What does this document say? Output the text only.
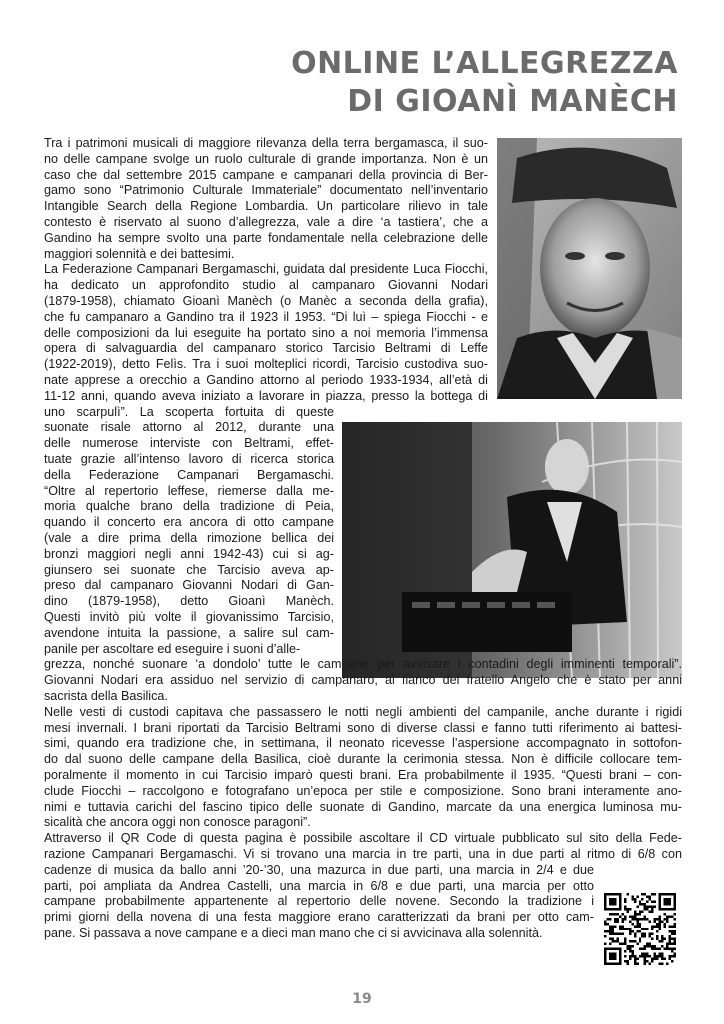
ONLINE L’ALLEGREZZA
DI GIOANÌ MANÈCH
Tra i patrimoni musicali di maggiore rilevanza della terra bergamasca, il suo-
no delle campane svolge un ruolo culturale di grande importanza. Non è un
caso che dal settembre 2015 campane e campanari della provincia di Ber-
gamo sono “Patrimonio Culturale Immateriale” documentato nell’inventario
Intangible Search della Regione Lombardia. Un particolare rilievo in tale
contesto è riservato al suono d’allegrezza, vale a dire ‘a tastiera’, che a
Gandino ha sempre svolto una parte fondamentale nella celebrazione delle
maggiori solennità e dei battesimi.
La Federazione Campanari Bergamaschi, guidata dal presidente Luca Fiocchi,
ha dedicato un approfondito studio al campanaro Giovanni Nodari
(1879-1958), chiamato Gioanì Manèch (o Manèc a seconda della grafia),
che fu campanaro a Gandino tra il 1923 il 1953. “Di luì – spiega Fiocchi - e
delle composizioni da lui eseguite ha portato sino a noi memoria l’immensa
opera di salvaguardia del campanaro storico Tarcisio Beltrami di Leffe
(1922-2019), detto Felìs. Tra i suoi molteplici ricordi, Tarcisio custodiva suo-
nate apprese a orecchio a Gandino attorno al periodo 1933-1934, all’età di
11-12 anni, quando aveva iniziato a lavorare in piazza, presso la bottega di
uno scarpulì”. La scoperta fortuita di queste
suonate risale attorno al 2012, durante una
delle numerose interviste con Beltrami, effet-
tuate grazie all’intenso lavoro di ricerca storica
della Federazione Campanari Bergamaschi.
“Oltre al repertorio leffese, riemerse dalla me-
moria qualche brano della tradizione di Peia,
quando il concerto era ancora di otto campane
(vale a dire prima della rimozione bellica dei
bronzi maggiori negli anni 1942-43) cui si ag-
giunsero sei suonate che Tarcisio aveva ap-
preso dal campanaro Giovanni Nodari di Gan-
dino (1879-1958), detto Gioanì Manèch.
Questi invitò più volte il giovanissimo Tarcisio,
avendone intuita la passione, a salire sul cam-
panile per ascoltare ed eseguire i suoni d’alle-
grezza, nonché suonare ‘a dondolo’ tutte le campane per avvisare i contadini degli imminenti temporali”.
Giovanni Nodari era assiduo nel servizio di campanaro, al fianco del fratello Angelo che è stato per anni
sacrista della Basilica.
Nelle vesti di custodi capitava che passassero le notti negli ambienti del campanile, anche durante i rigidi
mesi invernali. I brani riportati da Tarcisio Beltrami sono di diverse classi e fanno tutti riferimento ai battesi-
simi, quando era tradizione che, in settimana, il neonato ricevesse l’aspersione accompagnato in sottofon-
do dal suono delle campane della Basilica, cioè durante la cerimonia stessa. Non è difficile collocare tem-
poralmente il momento in cui Tarcisio imparò questi brani. Era probabilmente il 1935. “Questi brani – con-
clude Fiocchi – raccolgono e fotografano un’epoca per stile e composizione. Sono brani interamente ano-
nimi e tuttavia carichi del fascino tipico delle suonate di Gandino, marcate da una energica luminosa mu-
sicalità che ancora oggi non conosce paragoni”.
Attraverso il QR Code di questa pagina è possibile ascoltare il CD virtuale pubblicato sul sito della Fede-
razione Campanari Bergamaschi. Vi si trovano una marcia in tre parti, una in due parti al ritmo di 6/8 con
cadenze di musica da ballo anni ’20-’30, una mazurca in due parti, una marcia in 2/4 e due
parti, poi ampliata da Andrea Castelli, una marcia in 6/8 e due parti, una marcia per otto
campane probabilmente appartenente al repertorio delle novene. Secondo la tradizione i
primi giorni della novena di una festa maggiore erano caratterizzati da brani per otto cam-
pane. Si passava a nove campane e a dieci man mano che ci si avvicinava alla solennità.
19
